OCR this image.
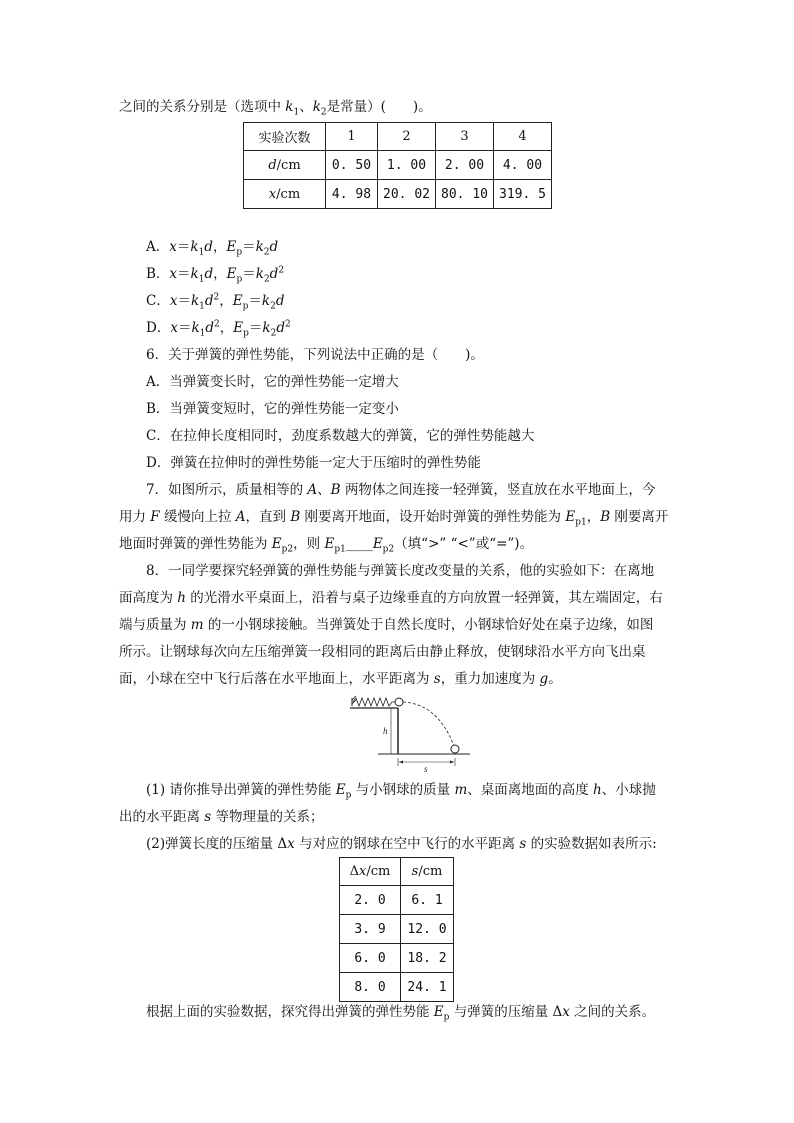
之间的关系分别是（选项中 $k_1$、$k_2$是常量）(　　)。
实验次数	1	2	3	4
d/cm	0. 50	1. 00	2. 00	4. 00
x/cm	4. 98	20. 02	80. 10	319. 5
A．$x=k_1d$，$E_p=k_2d$
B．$x=k_1d$，$E_p=k_2d^2$
C．$x=k_1d^2$，$E_p=k_2d$
D．$x=k_1d^2$，$E_p=k_2d^2$
6．关于弹簧的弹性势能，下列说法中正确的是（　　)。
A．当弹簧变长时，它的弹性势能一定增大
B．当弹簧变短时，它的弹性势能一定变小
C．在拉伸长度相同时，劲度系数越大的弹簧，它的弹性势能越大
D．弹簧在拉伸时的弹性势能一定大于压缩时的弹性势能
7．如图所示，质量相等的 A、B 两物体之间连接一轻弹簧，竖直放在水平地面上，今
用力 F 缓慢向上拉 A，直到 B 刚要离开地面，设开始时弹簧的弹性势能为 $E_{p1}$，B 刚要离开
地面时弹簧的弹性势能为 $E_{p2}$，则 $E_{p1}\_\_\_\_E_{p2}$（填“>” “<”或“=”)。
8．一同学要探究轻弹簧的弹性势能与弹簧长度改变量的关系，他的实验如下：在离地
面高度为 h 的光滑水平桌面上，沿着与桌子边缘垂直的方向放置一轻弹簧，其左端固定，右
端与质量为 m 的一小钢球接触。当弹簧处于自然长度时，小钢球恰好处在桌子边缘，如图
所示。让钢球每次向左压缩弹簧一段相同的距离后由静止释放，使钢球沿水平方向飞出桌
面，小球在空中飞行后落在水平地面上，水平距离为 s，重力加速度为 g。
h
s
(1) 请你推导出弹簧的弹性势能 $E_p$ 与小钢球的质量 m、桌面离地面的高度 h、小球抛
出的水平距离 s 等物理量的关系；
(2)弹簧长度的压缩量 Δx 与对应的钢球在空中飞行的水平距离 s 的实验数据如表所示:
Δx/cm	s/cm
2. 0	6. 1
3. 9	12. 0
6. 0	18. 2
8. 0	24. 1
根据上面的实验数据，探究得出弹簧的弹性势能 $E_p$ 与弹簧的压缩量 Δx 之间的关系。
